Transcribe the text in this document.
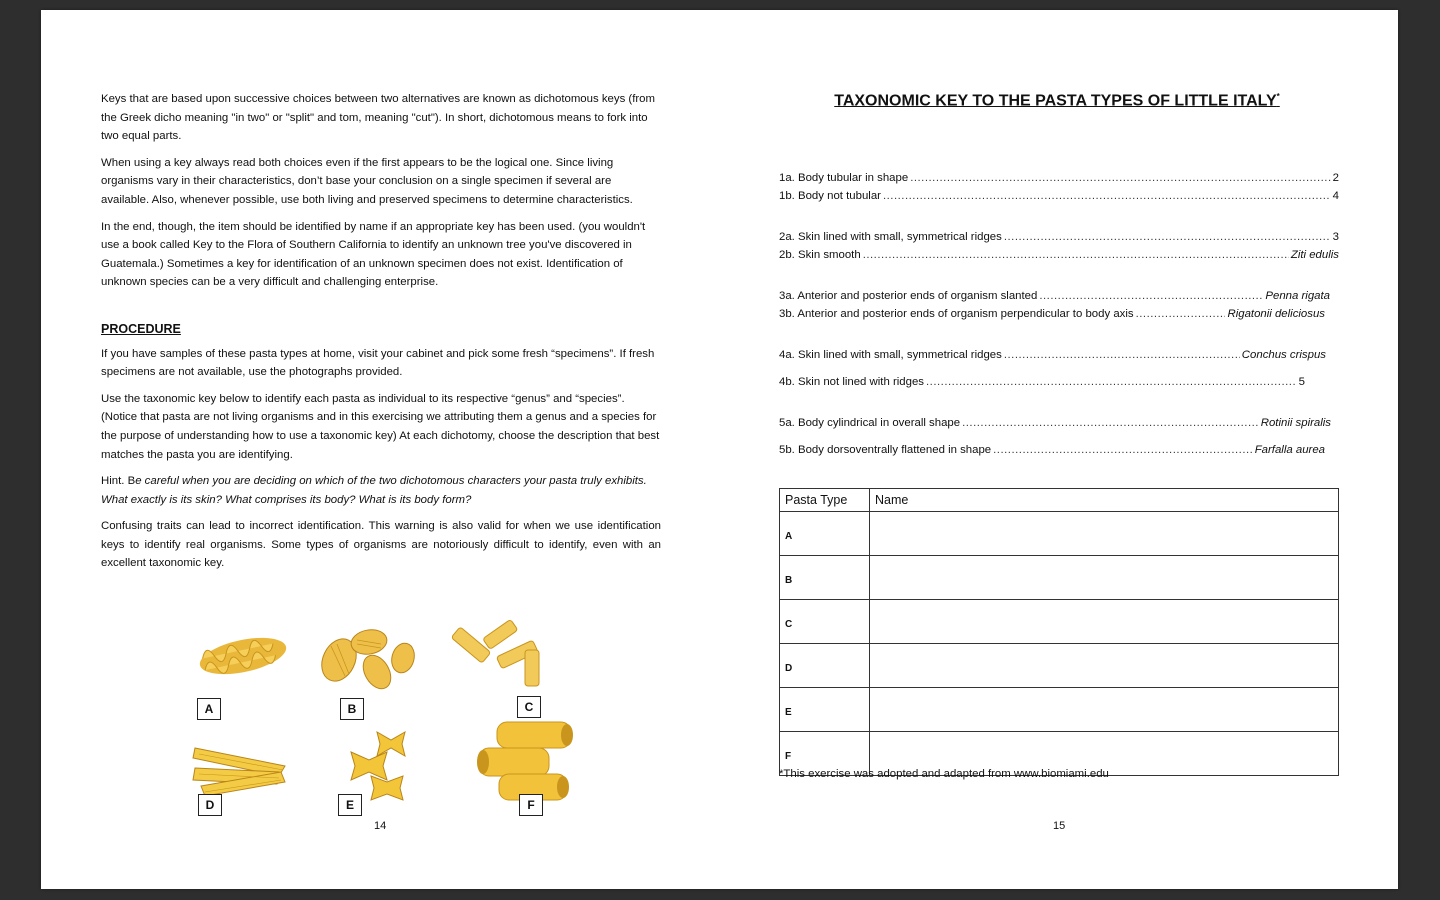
Keys that are based upon successive choices between two alternatives are known as dichotomous keys (from the Greek dicho meaning "in two" or "split" and tom, meaning "cut"). In short, dichotomous means to fork into two equal parts.

When using a key always read both choices even if the first appears to be the logical one. Since living organisms vary in their characteristics, don’t base your conclusion on a single specimen if several are available. Also, whenever possible, use both living and preserved specimens to determine characteristics.

In the end, though, the item should be identified by name if an appropriate key has been used. (you wouldn't use a book called Key to the Flora of Southern California to identify an unknown tree you've discovered in Guatemala.) Sometimes a key for identification of an unknown specimen does not exist. Identification of unknown species can be a very difficult and challenging enterprise.

PROCEDURE

If you have samples of these pasta types at home, visit your cabinet and pick some fresh “specimens”. If fresh specimens are not available, use the photographs provided.

Use the taxonomic key below to identify each pasta as individual to its respective “genus” and “species”. (Notice that pasta are not living organisms and in this exercising we attributing them a genus and a species for the purpose of understanding how to use a taxonomic key) At each dichotomy, choose the description that best matches the pasta you are identifying.

Hint. Be careful when you are deciding on which of the two dichotomous characters your pasta truly exhibits. What exactly is its skin? What comprises its body? What is its body form?

Confusing traits can lead to incorrect identification. This warning is also valid for when we use identification keys to identify real organisms. Some types of organisms are notoriously difficult to identify, even with an excellent taxonomic key.

A	B	C
D	E	F
14
TAXONOMIC KEY TO THE PASTA TYPES OF LITTLE ITALY*
1a. Body tubular in shape .....	2
1b. Body not tubular .....	4
2a. Skin lined with small, symmetrical ridges .....	3
2b. Skin smooth .....	Ziti edulis
3a. Anterior and posterior ends of organism slanted .....	Penna rigata
3b. Anterior and posterior ends of organism perpendicular to body axis .....	Rigatonii deliciosus
4a. Skin lined with small, symmetrical ridges .....	Conchus crispus
4b. Skin not lined with ridges .....	5
5a. Body cylindrical in overall shape .....	Rotinii spiralis
5b. Body dorsoventrally flattened in shape .....	Farfalla aurea
Pasta Type	Name
A	
B	
C	
D	
E	
F	
*This exercise was adopted and adapted from www.biomiami.edu
15
